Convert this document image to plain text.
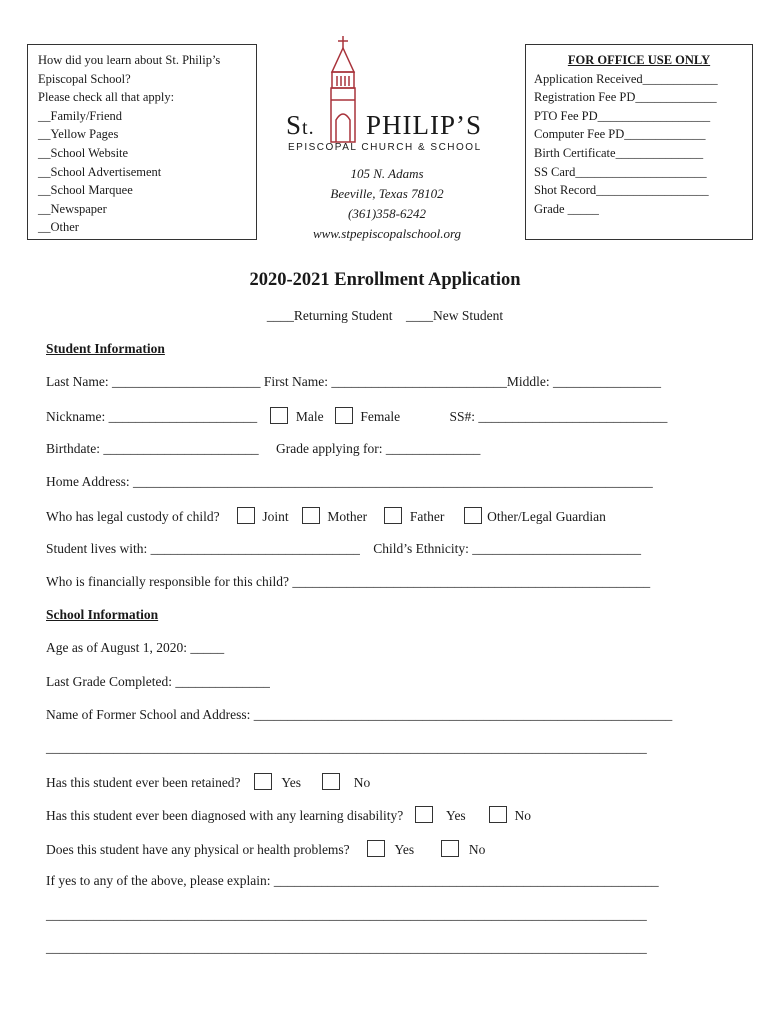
How did you learn about St. Philip’s
Episcopal School?
Please check all that apply:
__Family/Friend
__Yellow Pages
__School Website
__School Advertisement
__School Marquee
__Newspaper
__Other
St. PHILIP’S
EPISCOPAL CHURCH & SCHOOL
105 N. Adams
Beeville, Texas 78102
(361)358-6242
www.stpepiscopalschool.org
FOR OFFICE USE ONLY
Application Received____________
Registration Fee PD_____________
PTO Fee PD__________________
Computer Fee PD_____________
Birth Certificate______________
SS Card_____________________
Shot Record__________________
Grade _____
2020-2021 Enrollment Application
____Returning Student    ____New Student
Student Information
Last Name: ______________________ First Name: __________________________Middle: ________________
Nickname: ______________________	Male	Female	SS#: ____________________________
Birthdate: _______________________ Grade applying for: ______________
Home Address: _____________________________________________________________________________
Who has legal custody of child?	Joint	Mother	Father	Other/Legal Guardian
Student lives with: _______________________________ Child’s Ethnicity: _________________________
Who is financially responsible for this child? _____________________________________________________
School Information
Age as of August 1, 2020: _____
Last Grade Completed: ______________
Name of Former School and Address: ______________________________________________________________
_________________________________________________________________________________________
Has this student ever been retained?	Yes	No
Has this student ever been diagnosed with any learning disability?	Yes	No
Does this student have any physical or health problems?	Yes	No
If yes to any of the above, please explain: _________________________________________________________
_________________________________________________________________________________________
_________________________________________________________________________________________
